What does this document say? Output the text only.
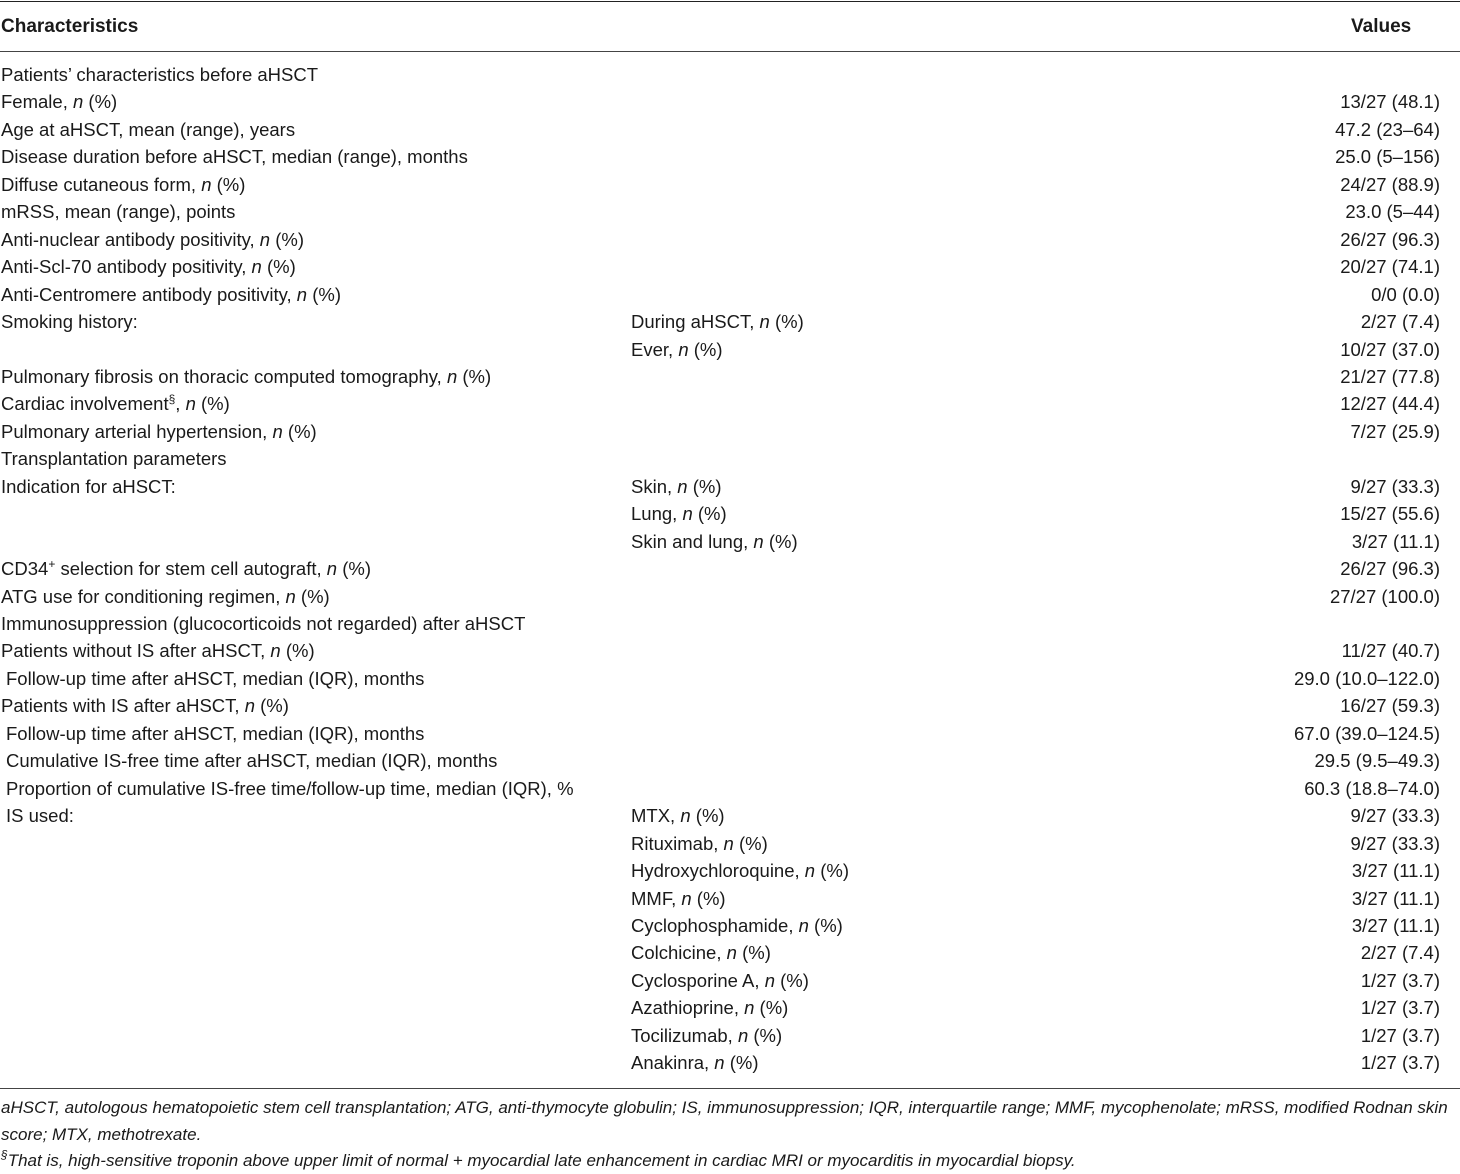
Characteristics	Values
Patients’ characteristics before aHSCT
Female, n (%)	13/27 (48.1)
Age at aHSCT, mean (range), years	47.2 (23–64)
Disease duration before aHSCT, median (range), months	25.0 (5–156)
Diffuse cutaneous form, n (%)	24/27 (88.9)
mRSS, mean (range), points	23.0 (5–44)
Anti-nuclear antibody positivity, n (%)	26/27 (96.3)
Anti-Scl-70 antibody positivity, n (%)	20/27 (74.1)
Anti-Centromere antibody positivity, n (%)	0/0 (0.0)
Smoking history:	During aHSCT, n (%)	2/27 (7.4)
Ever, n (%)	10/27 (37.0)
Pulmonary fibrosis on thoracic computed tomography, n (%)	21/27 (77.8)
Cardiac involvement§, n (%)	12/27 (44.4)
Pulmonary arterial hypertension, n (%)	7/27 (25.9)
Transplantation parameters
Indication for aHSCT:	Skin, n (%)	9/27 (33.3)
Lung, n (%)	15/27 (55.6)
Skin and lung, n (%)	3/27 (11.1)
CD34+ selection for stem cell autograft, n (%)	26/27 (96.3)
ATG use for conditioning regimen, n (%)	27/27 (100.0)
Immunosuppression (glucocorticoids not regarded) after aHSCT
Patients without IS after aHSCT, n (%)	11/27 (40.7)
Follow-up time after aHSCT, median (IQR), months	29.0 (10.0–122.0)
Patients with IS after aHSCT, n (%)	16/27 (59.3)
Follow-up time after aHSCT, median (IQR), months	67.0 (39.0–124.5)
Cumulative IS-free time after aHSCT, median (IQR), months	29.5 (9.5–49.3)
Proportion of cumulative IS-free time/follow-up time, median (IQR), %	60.3 (18.8–74.0)
IS used:	MTX, n (%)	9/27 (33.3)
Rituximab, n (%)	9/27 (33.3)
Hydroxychloroquine, n (%)	3/27 (11.1)
MMF, n (%)	3/27 (11.1)
Cyclophosphamide, n (%)	3/27 (11.1)
Colchicine, n (%)	2/27 (7.4)
Cyclosporine A, n (%)	1/27 (3.7)
Azathioprine, n (%)	1/27 (3.7)
Tocilizumab, n (%)	1/27 (3.7)
Anakinra, n (%)	1/27 (3.7)
aHSCT, autologous hematopoietic stem cell transplantation; ATG, anti-thymocyte globulin; IS, immunosuppression; IQR, interquartile range; MMF, mycophenolate; mRSS, modified Rodnan skin score; MTX, methotrexate.
§That is, high-sensitive troponin above upper limit of normal + myocardial late enhancement in cardiac MRI or myocarditis in myocardial biopsy.
